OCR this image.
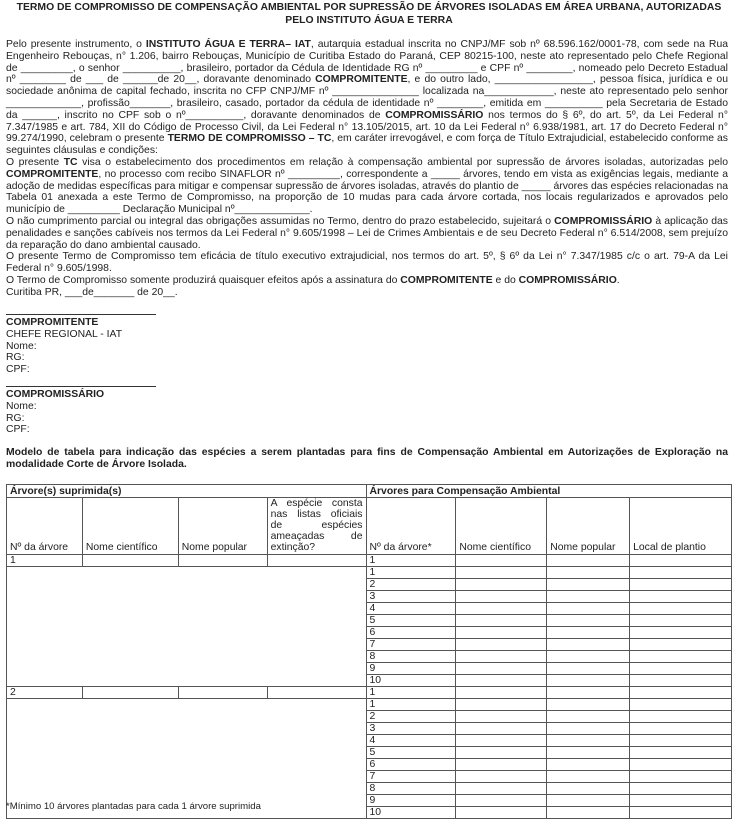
TERMO DE COMPROMISSO DE COMPENSAÇÃO AMBIENTAL POR SUPRESSÃO DE ÁRVORES ISOLADAS EM ÁREA URBANA, AUTORIZADAS
PELO INSTITUTO ÁGUA E TERRA

Pelo presente instrumento, o INSTITUTO ÁGUA E TERRA– IAT, autarquia estadual inscrita no CNPJ/MF sob nº 68.596.162/0001-78, com sede na Rua Engenheiro Rebouças, n° 1.206, bairro Rebouças, Município de Curitiba Estado do Paraná, CEP 80215-100, neste ato representado pelo Chefe Regional de _________, o senhor __________, brasileiro, portador da Cédula de Identidade RG nº _________ e CPF nº ________, nomeado pelo Decreto Estadual nº ________ de ___ de ______de 20__, doravante denominado COMPROMITENTE, e do outro lado, _________________, pessoa física, jurídica e ou sociedade anônima de capital fechado, inscrita no CFP CNPJ/MF nº _______________ localizada na____________, neste ato representado pelo senhor _____________, profissão_______, brasileiro, casado, portador da cédula de identidade nº ________, emitida em __________ pela Secretaria de Estado da ______, inscrito no CPF sob o nº__________, doravante denominados de COMPROMISSÁRIO nos termos do § 6º, do art. 5º, da Lei Federal n° 7.347/1985 e art. 784, XII do Código de Processo Civil, da Lei Federal n° 13.105/2015, art. 10 da Lei Federal n° 6.938/1981, art. 17 do Decreto Federal n° 99.274/1990, celebram o presente TERMO DE COMPROMISSO – TC, em caráter irrevogável, e com força de Título Extrajudicial, estabelecido conforme as seguintes cláusulas e condições:

O presente TC visa o estabelecimento dos procedimentos em relação à compensação ambiental por supressão de árvores isoladas, autorizadas pelo COMPROMITENTE, no processo com recibo SINAFLOR nº _________, correspondente a _____ árvores, tendo em vista as exigências legais, mediante a adoção de medidas específicas para mitigar e compensar supressão de árvores isoladas, através do plantio de _____ árvores das espécies relacionadas na Tabela 01 anexada a este Termo de Compromisso, na proporção de 10 mudas para cada árvore cortada, nos locais regularizados e aprovados pelo município de _________ Declaração Municipal nº_____________.

O não cumprimento parcial ou integral das obrigações assumidas no Termo, dentro do prazo estabelecido, sujeitará o COMPROMISSÁRIO à aplicação das penalidades e sanções cabíveis nos termos da Lei Federal n° 9.605/1998 – Lei de Crimes Ambientais e de seu Decreto Federal n° 6.514/2008, sem prejuízo da reparação do dano ambiental causado.

O presente Termo de Compromisso tem eficácia de título executivo extrajudicial, nos termos do art. 5º, § 6º da Lei n° 7.347/1985 c/c o art. 79-A da Lei Federal n° 9.605/1998.

O Termo de Compromisso somente produzirá quaisquer efeitos após a assinatura do COMPROMITENTE e do COMPROMISSÁRIO.

Curitiba PR, ___de_______ de 20__.

COMPROMITENTE
CHEFE REGIONAL - IAT
Nome:
RG:
CPF:
COMPROMISSÁRIO
Nome:
RG:
CPF:
Modelo de tabela para indicação das espécies a serem plantadas para fins de Compensação Ambiental em Autorizações de Exploração na modalidade Corte de Árvore Isolada.
Árvore(s) suprimida(s)				Árvores para Compensação Ambiental			
Nº da árvore	Nome científico	Nome popular	A espécie consta nas listas oficiais de espécies ameaçadas de extinção?	Nº da árvore*	Nome científico	Nome popular	Local de plantio
1				1			
				1			
				2			
				3			
				4			
				5			
				6			
				7			
				8			
				9			
				10			
2				1			
				1			
				2			
				3			
				4			
				5			
				6			
				7			
				8			
				9			
				10			
*Mínimo 10 árvores plantadas para cada 1 árvore suprimida
